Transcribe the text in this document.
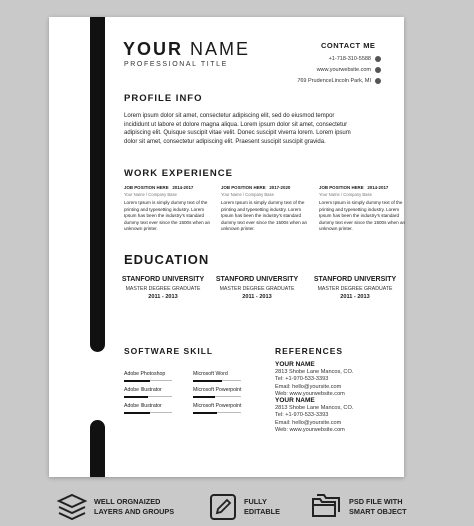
YOUR NAME
PROFESSIONAL TITLE
CONTACT ME
+1-718-310-5588
www.yourwebsite.com
769 PrudenceLincoln Park, MI
PROFILE INFO
Lorem ipsum dolor sit amet, consectetur adipiscing elit, sed do eiusmod tempor incididunt ut labore et dolore magna aliqua. Lorem ipsum dolor sit amet, consectetur adipiscing elit. Quisque suscipit vitae velit. Donec suscipit viverra lorem. Lorem ipsum dolor sit amet, consectetur adipiscing elit. Praesent suscipit suscipit gravida.
WORK EXPERIENCE
JOB POSITION HERE 2014-2017
Your Name / Company Base
Lorem Ipsum is simply dummy text of the printing and typesetting industry. Lorem Ipsum has been the industry's standard dummy text ever since the 1500s when an unknown printer.
JOB POSITION HERE 2017-2020
Your Name / Company Base
Lorem Ipsum is simply dummy text of the printing and typesetting industry. Lorem Ipsum has been the industry's standard dummy text ever since the 1500s when an unknown printer.
JOB POSITION HERE 2014-2017
Your Name / Company Base
Lorem Ipsum is simply dummy text of the printing and typesetting industry. Lorem Ipsum has been the industry's standard dummy text ever since the 1500s when an unknown printer.
EDUCATION
STANFORD UNIVERSITY
MASTER DEGREE GRADUATE
2011 - 2013
STANFORD UNIVERSITY
MASTER DEGREE GRADUATE
2011 - 2013
STANFORD UNIVERSITY
MASTER DEGREE GRADUATE
2011 - 2013
SOFTWARE SKILL
Adobe Photoshop	Microsoft Word
Adobe Illustrator	Microsoft Powerpoint
Adobe Illustrator	Microsoft Powerpoint
REFERENCES
YOUR NAME
2813 Shobe Lane Mancos, CO.
Tel: +1-970-533-3393
Email: hello@yoursite.com
Web: www.yourwebsite.com
YOUR NAME
2813 Shobe Lane Mancos, CO.
Tel: +1-970-533-3393
Email: hello@yoursite.com
Web: www.yourwebsite.com
WELL ORGNAIZED
LAYERS AND GROUPS
FULLY
EDITABLE
PSD FILE WITH
SMART OBJECT
